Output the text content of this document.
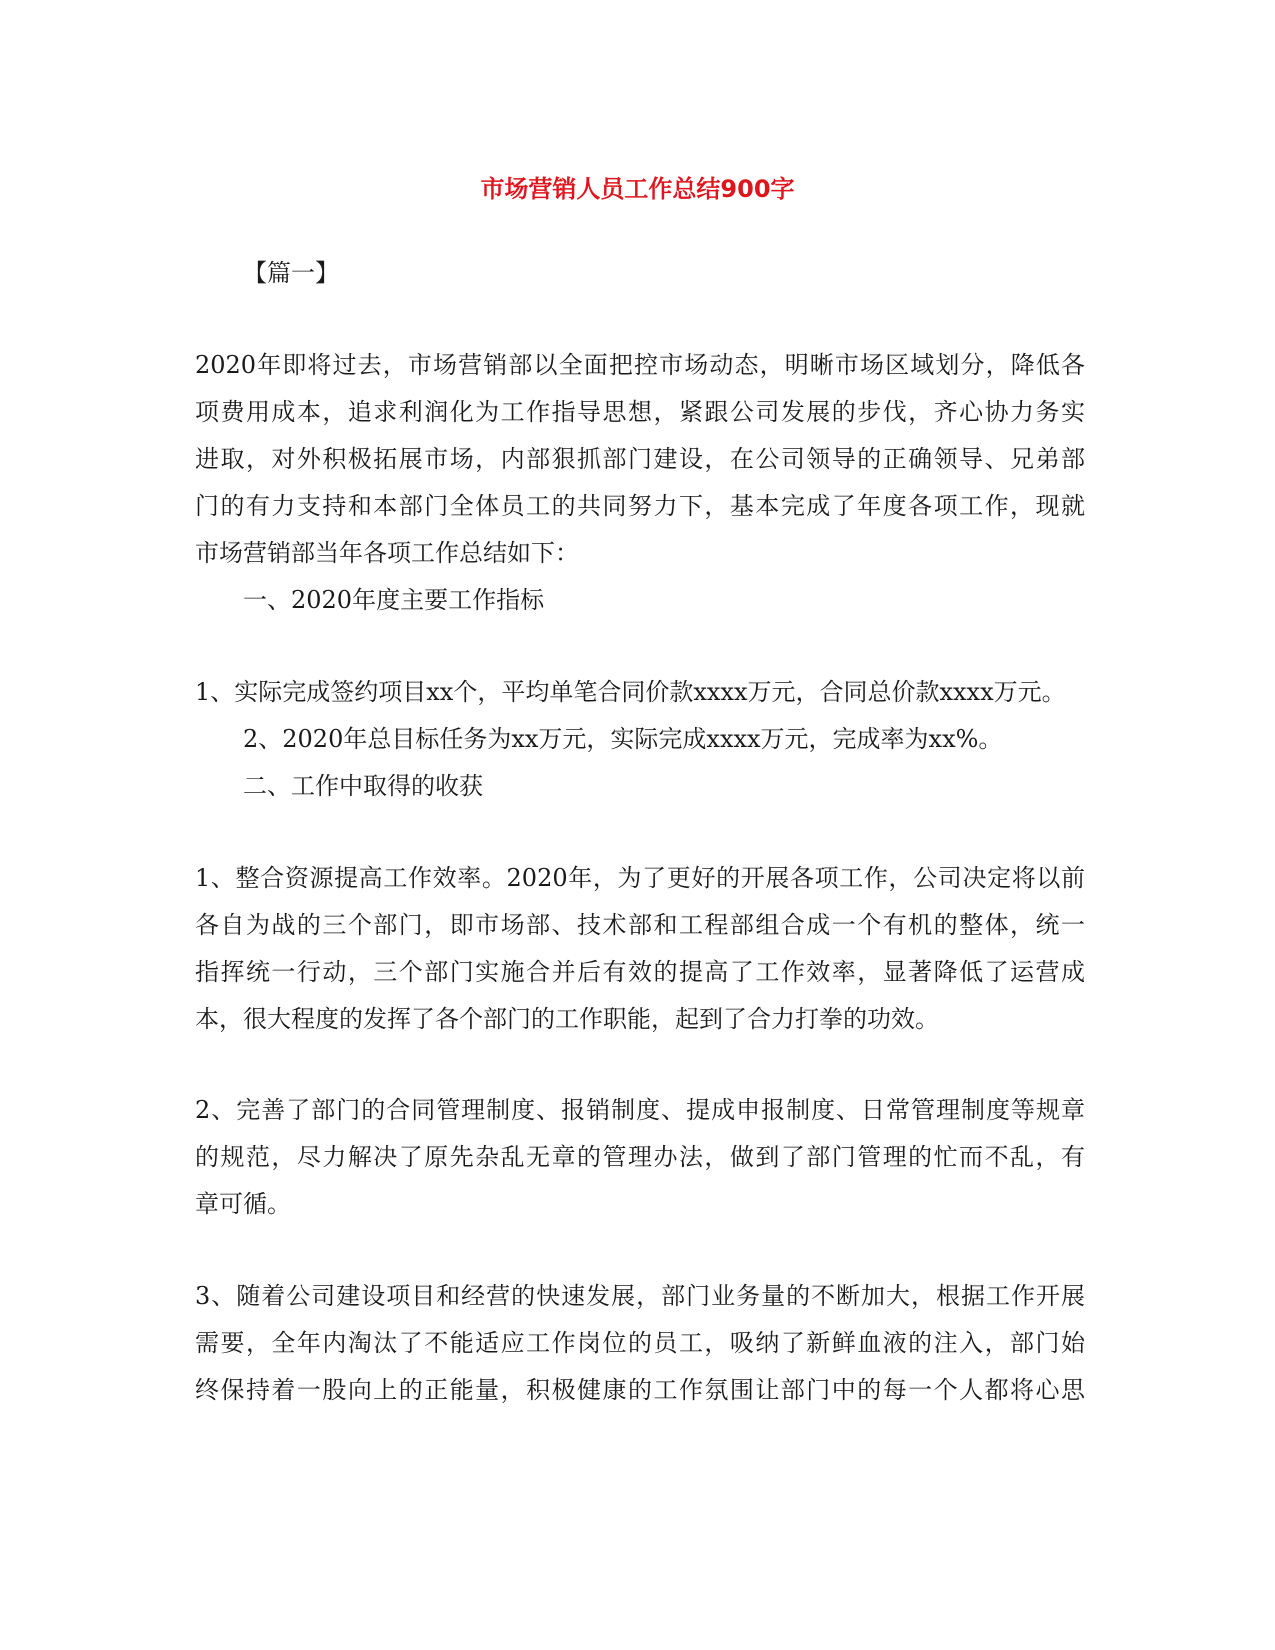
市场营销人员工作总结900字
【篇一】
2020年即将过去，市场营销部以全面把控市场动态，明晰市场区域划分，降低各
项费用成本，追求利润化为工作指导思想，紧跟公司发展的步伐，齐心协力务实
进取，对外积极拓展市场，内部狠抓部门建设，在公司领导的正确领导、兄弟部
门的有力支持和本部门全体员工的共同努力下，基本完成了年度各项工作，现就
市场营销部当年各项工作总结如下：
一、2020年度主要工作指标
1、实际完成签约项目xx个，平均单笔合同价款xxxx万元，合同总价款xxxx万元。
2、2020年总目标任务为xx万元，实际完成xxxx万元，完成率为xx%。
二、工作中取得的收获
1、整合资源提高工作效率。2020年，为了更好的开展各项工作，公司决定将以前
各自为战的三个部门，即市场部、技术部和工程部组合成一个有机的整体，统一
指挥统一行动，三个部门实施合并后有效的提高了工作效率，显著降低了运营成
本，很大程度的发挥了各个部门的工作职能，起到了合力打拳的功效。
2、完善了部门的合同管理制度、报销制度、提成申报制度、日常管理制度等规章
的规范，尽力解决了原先杂乱无章的管理办法，做到了部门管理的忙而不乱，有
章可循。
3、随着公司建设项目和经营的快速发展，部门业务量的不断加大，根据工作开展
需要，全年内淘汰了不能适应工作岗位的员工，吸纳了新鲜血液的注入，部门始
终保持着一股向上的正能量，积极健康的工作氛围让部门中的每一个人都将心思
